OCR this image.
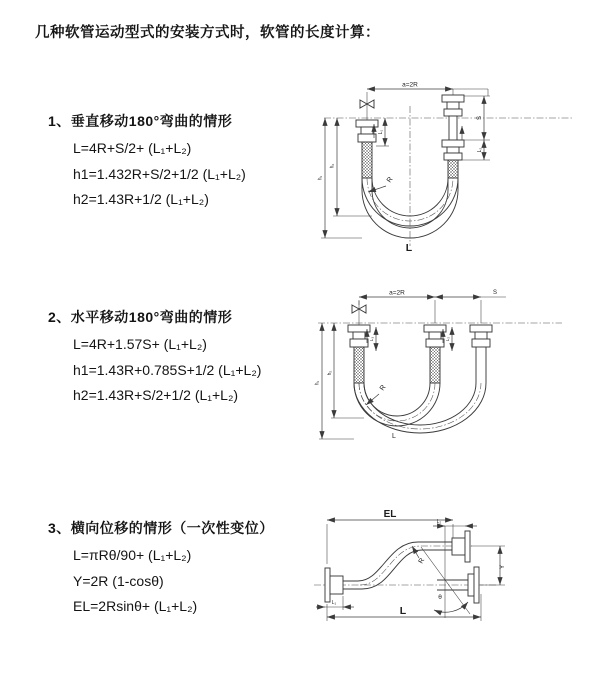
几种软管运动型式的安装方式时，软管的长度计算：
1、垂直移动180°弯曲的情形
L=4R+S/2+ (L₁+L₂)
h1=1.432R+S/2+1/2 (L₁+L₂)
h2=1.43R+1/2 (L₁+L₂)
a=2R
h₁
h₂
L₁
S
L₂
R
L
2、水平移动180°弯曲的情形
L=4R+1.57S+ (L₁+L₂)
h1=1.43R+0.785S+1/2 (L₁+L₂)
h2=1.43R+S/2+1/2 (L₁+L₂)
a=2R	S
h₁
h₂
L₁	L₂
R
L
3、横向位移的情形（一次性变位）
L=πRθ/90+ (L₁+L₂)
Y=2R (1-cosθ)
EL=2Rsinθ+ (L₁+L₂)
EL
L₂
Y
θ
R
L₁
L
